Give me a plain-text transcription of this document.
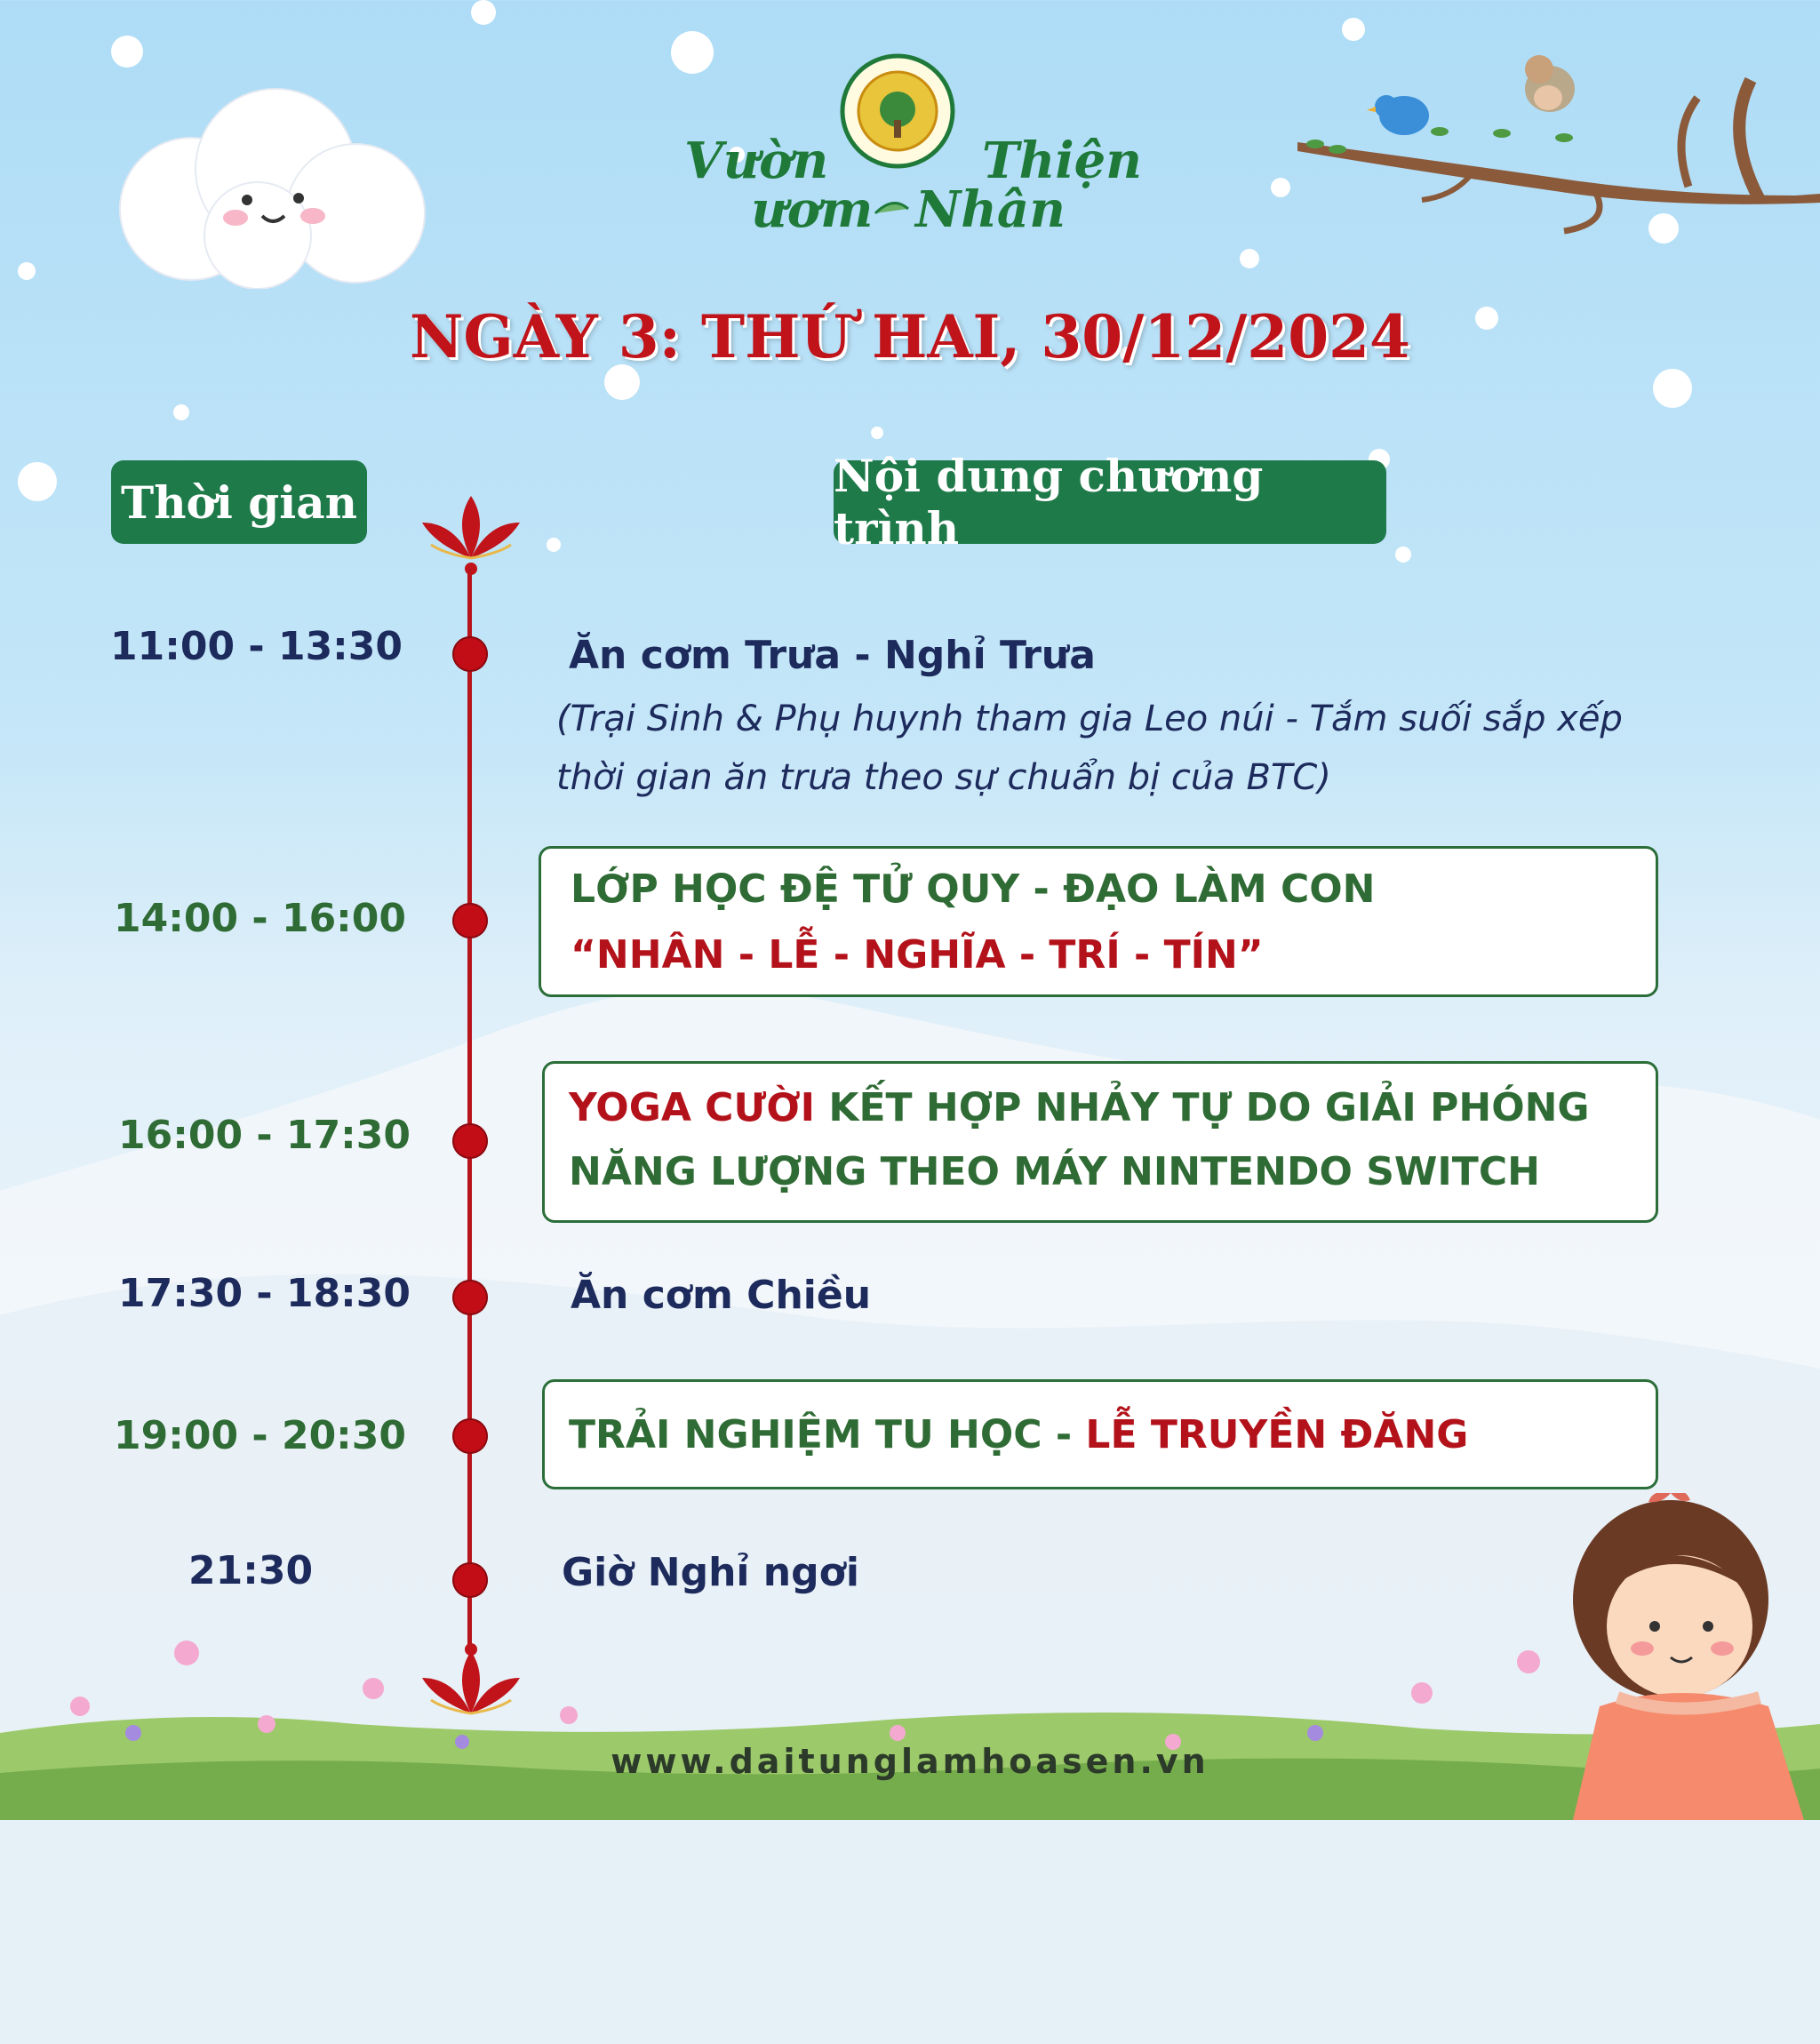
Vườn	Thiện
ươm Nhân
NGÀY 3: THỨ HAI, 30/12/2024
Thời gian	Nội dung chương trình
11:00 - 13:30
14:00 - 16:00
16:00 - 17:30
17:30 - 18:30
19:00 - 20:30
21:30
Ăn cơm Trưa - Nghỉ Trưa
(Trại Sinh & Phụ huynh tham gia Leo núi - Tắm suối sắp xếp
thời gian ăn trưa theo sự chuẩn bị của BTC)
LỚP HỌC ĐỆ TỬ QUY - ĐẠO LÀM CON
“NHÂN - LỄ - NGHĨA - TRÍ - TÍN”
YOGA CƯỜI KẾT HỢP NHẢY TỰ DO GIẢI PHÓNG
NĂNG LƯỢNG THEO MÁY NINTENDO SWITCH
Ăn cơm Chiều
TRẢI NGHIỆM TU HỌC - LỄ TRUYỀN ĐĂNG
Giờ Nghỉ ngơi
www.daitunglamhoasen.vn
